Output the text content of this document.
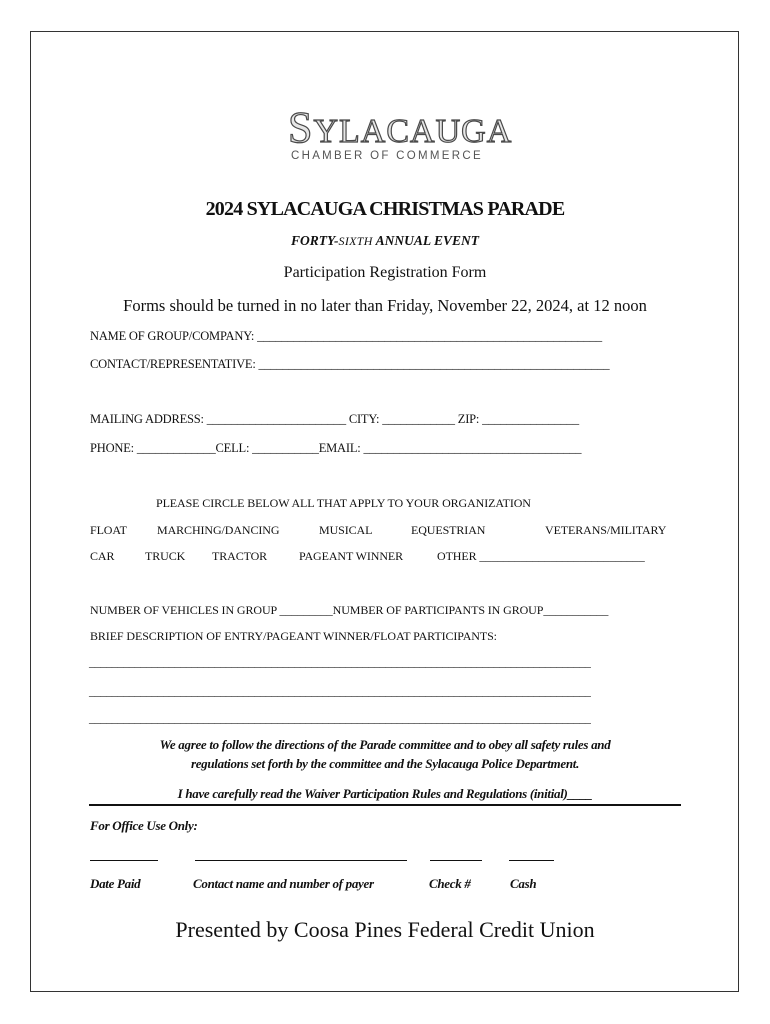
SYLACAUGA
CHAMBER OF COMMERCE
2024 SYLACAUGA CHRISTMAS PARADE
FORTY-SIXTH ANNUAL EVENT
Participation Registration Form
Forms should be turned in no later than Friday, November 22, 2024, at 12 noon
NAME OF GROUP/COMPANY: _________________________________________________________
CONTACT/REPRESENTATIVE: __________________________________________________________
MAILING ADDRESS: _______________________ CITY: ____________ ZIP: ________________
PHONE: _____________CELL: ___________EMAIL: ____________________________________
PLEASE CIRCLE BELOW ALL THAT APPLY TO YOUR ORGANIZATION
FLOAT	MARCHING/DANCING	MUSICAL	EQUESTRIAN	VETERANS/MILITARY
CAR	TRUCK TRACTOR	PAGEANT WINNER	OTHER ____________________________
NUMBER OF VEHICLES IN GROUP _________NUMBER OF PARTICIPANTS IN GROUP___________
BRIEF DESCRIPTION OF ENTRY/PAGEANT WINNER/FLOAT PARTICIPANTS:
________________________________________________________________________________________
________________________________________________________________________________________
________________________________________________________________________________________
We agree to follow the directions of the Parade committee and to obey all safety rules and
regulations set forth by the committee and the Sylacauga Police Department.
I have carefully read the Waiver Participation Rules and Regulations (initial)____
For Office Use Only:
Date Paid	Contact name and number of payer	Check #	Cash
Presented by Coosa Pines Federal Credit Union
